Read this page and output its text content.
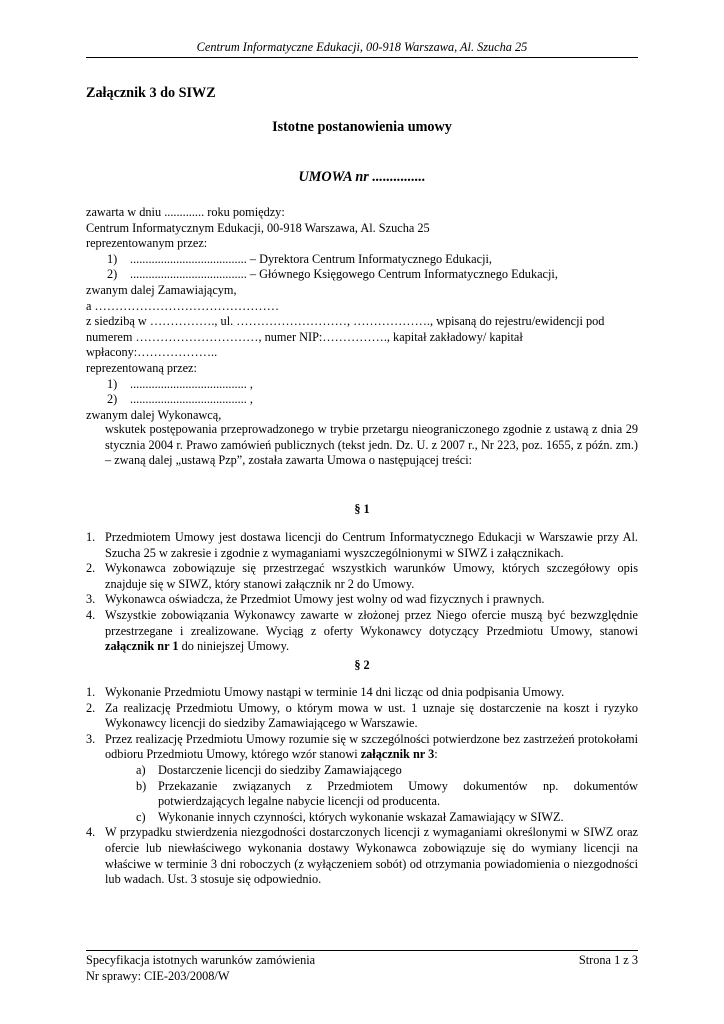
Centrum Informatyczne Edukacji, 00-918 Warszawa, Al. Szucha 25
Załącznik 3 do SIWZ
Istotne postanowienia umowy
UMOWA nr ...............
zawarta w dniu ............. roku pomiędzy:
Centrum Informatycznym Edukacji, 00-918 Warszawa, Al. Szucha 25
reprezentowanym przez:
1) ...................................... – Dyrektora Centrum Informatycznego Edukacji,
2) ...................................... – Głównego Księgowego Centrum Informatycznego Edukacji,
zwanym dalej Zamawiającym,
a ………………………………………
z siedzibą w ……………., ul. ………………………, ………………., wpisaną do rejestru/ewidencji pod
numerem …………………………, numer NIP:……………., kapitał zakładowy/ kapitał
wpłacony:………………..
reprezentowaną przez:
1) ...................................... ,
2) ...................................... ,
zwanym dalej Wykonawcą,
wskutek postępowania przeprowadzonego w trybie przetargu nieograniczonego zgodnie z ustawą z dnia 29 stycznia 2004 r. Prawo zamówień publicznych (tekst jedn. Dz. U. z 2007 r., Nr 223, poz. 1655, z późn. zm.) – zwaną dalej „ustawą Pzp”, została zawarta Umowa o następującej treści:
§ 1
1. Przedmiotem Umowy jest dostawa licencji do Centrum Informatycznego Edukacji w Warszawie przy Al. Szucha 25 w zakresie i zgodnie z wymaganiami wyszczególnionymi w SIWZ i załącznikach.
2. Wykonawca zobowiązuje się przestrzegać wszystkich warunków Umowy, których szczegółowy opis znajduje się w SIWZ, który stanowi załącznik nr 2 do Umowy.
3. Wykonawca oświadcza, że Przedmiot Umowy jest wolny od wad fizycznych i prawnych.
4. Wszystkie zobowiązania Wykonawcy zawarte w złożonej przez Niego ofercie muszą być bezwzględnie przestrzegane i zrealizowane. Wyciąg z oferty Wykonawcy dotyczący Przedmiotu Umowy, stanowi załącznik nr 1 do niniejszej Umowy.
§ 2
1. Wykonanie Przedmiotu Umowy nastąpi w terminie 14 dni licząc od dnia podpisania Umowy.
2. Za realizację Przedmiotu Umowy, o którym mowa w ust. 1 uznaje się dostarczenie na koszt i ryzyko Wykonawcy licencji do siedziby Zamawiającego w Warszawie.
3. Przez realizację Przedmiotu Umowy rozumie się w szczególności potwierdzone bez zastrzeżeń protokołami odbioru Przedmiotu Umowy, którego wzór stanowi załącznik nr 3:
a) Dostarczenie licencji do siedziby Zamawiającego
b) Przekazanie związanych z Przedmiotem Umowy dokumentów np. dokumentów potwierdzających legalne nabycie licencji od producenta.
c) Wykonanie innych czynności, których wykonanie wskazał Zamawiający w SIWZ.
4. W przypadku stwierdzenia niezgodności dostarczonych licencji z wymaganiami określonymi w SIWZ oraz ofercie lub niewłaściwego wykonania dostawy Wykonawca zobowiązuje się do wymiany licencji na właściwe w terminie 3 dni roboczych (z wyłączeniem sobót) od otrzymania powiadomienia o niezgodności lub wadach. Ust. 3 stosuje się odpowiednio.
Specyfikacja istotnych warunków zamówienia
Nr sprawy: CIE-203/2008/W
Strona 1 z 3
